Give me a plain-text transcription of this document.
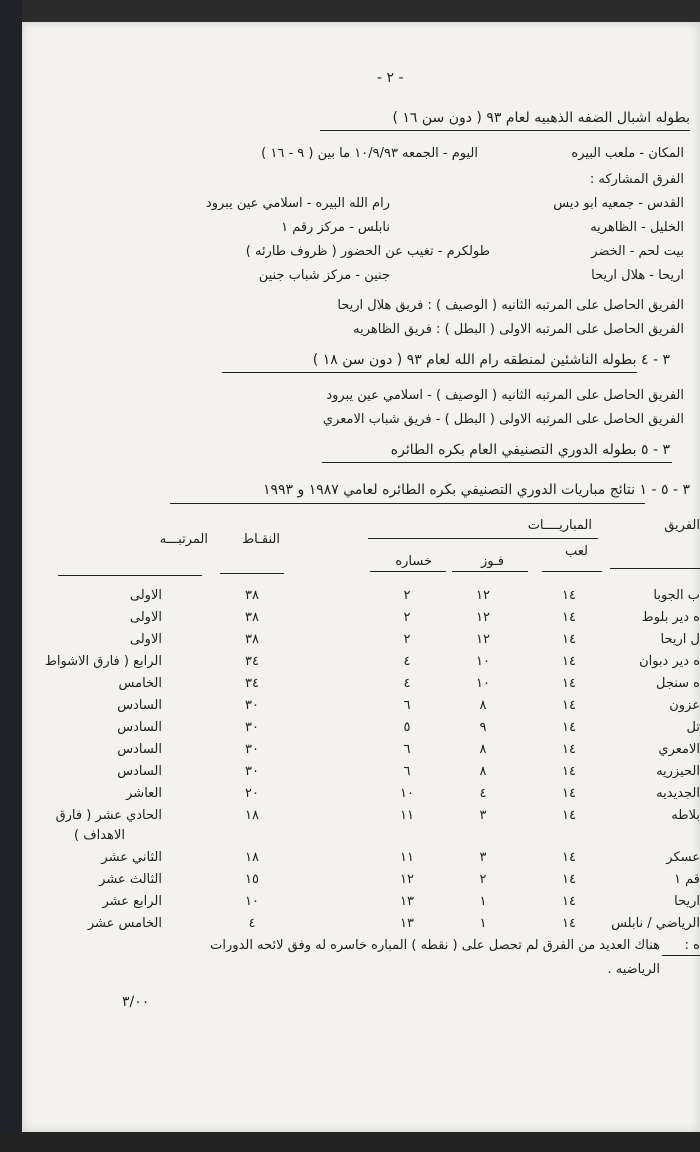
- ٢ -
بطوله اشبال الضفه الذهبيه لعام ٩٣ ( دون سن ١٦ )
المكان - ملعب البيره
اليوم - الجمعه ١٠/٩/٩٣ ما بين ( ٩ - ١٦ )
الفرق المشاركه :
القدس - جمعيه ابو ديس
رام الله البيره - اسلامي عين يبرود
الخليل - الظاهريه
نابلس - مركز رقم ١
بيت لحم - الخضر
طولكرم - تغيب عن الحضور ( ظروف طارئه )
اريحا - هلال اريحا
جنين - مركز شباب جنين
الفريق الحاصل على المرتبه الثانيه ( الوصيف ) : فريق هلال اريحا
الفريق الحاصل على المرتبه الاولى ( البطل ) : فريق الظاهريه
٣ - ٤ بطوله الناشئين لمنطقه رام الله لعام ٩٣ ( دون سن ١٨ )
الفريق الحاصل على المرتبه الثانيه ( الوصيف ) - اسلامي عين يبرود
الفريق الحاصل على المرتبه الاولى ( البطل ) - فريق شباب الامعري
٣ - ٥ بطوله الدوري التصنيفي العام بكره الطائره
٣ - ٥ - ١ نتائج مباريات الدوري التصنيفي بكره الطائره لعامي ١٩٨٧ و ١٩٩٣
الفريق
المباريــــات
لعب
فـوز
خساره
النقـاط
المرتبـــه
ب الجوبا
١٤
١٢
٢
٣٨
الاولى
ه دير بلوط
١٤
١٢
٢
٣٨
الاولى
ل اريحا
١٤
١٢
٢
٣٨
الاولى
ه دير دبوان
١٤
١٠
٤
٣٤
الرابع ( فارق الاشواط
ه سنجل
١٤
١٠
٤
٣٤
الخامس
عزون
١٤
٨
٦
٣٠
السادس
تل
١٤
٩
٥
٣٠
السادس
الامعري
١٤
٨
٦
٣٠
السادس
الحيزريه
١٤
٨
٦
٣٠
السادس
الجديديه
١٤
٤
١٠
٢٠
العاشر
بلاطه
١٤
٣
١١
١٨
الحادي عشر ( فارق
عسكر
١٤
٣
١١
١٨
الثاني عشر
قم ١
١٤
٢
١٢
١٥
الثالث عشر
اريحا
١٤
١
١٣
١٠
الرابع عشر
الرياضي / نابلس
١٤
١
١٣
٤
الخامس عشر
الاهداف )
ه :
هناك العديد من الفرق لم تحصل على ( نقطه ) المباره خاسره له وفق لائحه الدورات
الرياضيه .
٣/٠٠
